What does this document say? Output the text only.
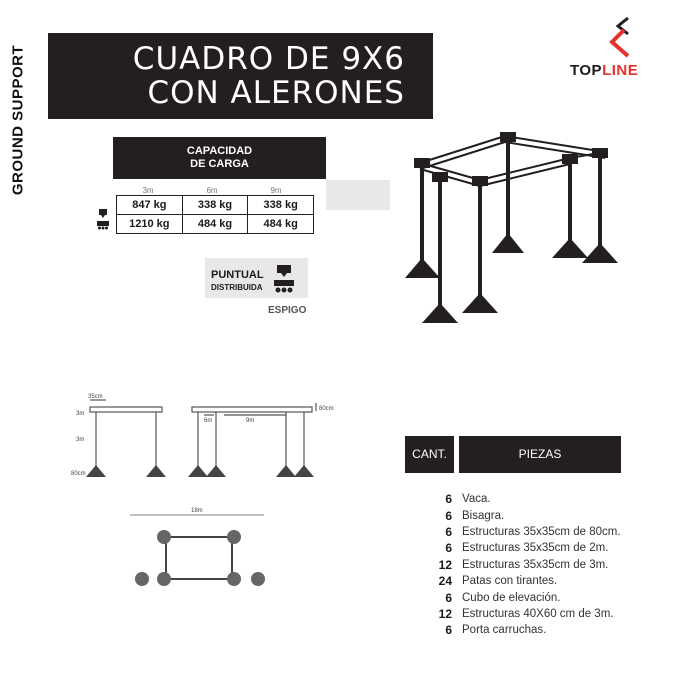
GROUND SUPPORT	CUADRO DE 9X6
CON ALERONES
TOPLINE
CAPACIDAD
DE CARGA
3m	6m	9m
847 kg	338 kg	338 kg
1210 kg	484 kg	484 kg
PUNTUAL
DISTRIBUIDA
ESPIGO
35cm
3m
3m
80cm
6m	9m
80cm
18m
CANT.	PIEZAS
6 Vaca.
6 Bisagra.
6 Estructuras 35x35cm de 80cm.
6 Estructuras 35x35cm de 2m.
12 Estructuras 35x35cm de 3m.
24 Patas con tirantes.
6 Cubo de elevación.
12 Estructuras 40X60 cm de 3m.
6 Porta carruchas.
